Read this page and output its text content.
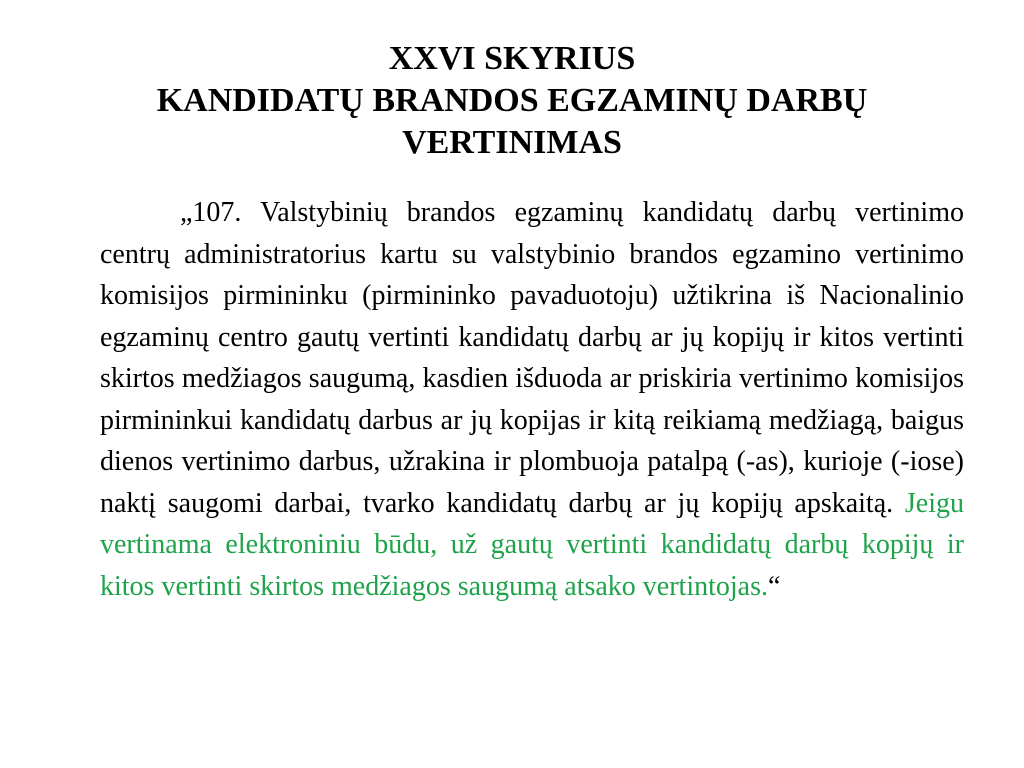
XXVI SKYRIUS
KANDIDATŲ BRANDOS EGZAMINŲ DARBŲ
VERTINIMAS

„107. Valstybinių brandos egzaminų kandidatų darbų vertinimo centrų administratorius kartu su valstybinio brandos egzamino vertinimo komisijos pirmininku (pirmininko pavaduotoju) užtikrina iš Nacionalinio egzaminų centro gautų vertinti kandidatų darbų ar jų kopijų ir kitos vertinti skirtos medžiagos saugumą, kasdien išduoda ar priskiria vertinimo komisijos pirmininkui kandidatų darbus ar jų kopijas ir kitą reikiamą medžiagą, baigus dienos vertinimo darbus, užrakina ir plombuoja patalpą (-as), kurioje (-iose) naktį saugomi darbai, tvarko kandidatų darbų ar jų kopijų apskaitą. Jeigu vertinama elektroniniu būdu, už gautų vertinti kandidatų darbų kopijų ir kitos vertinti skirtos medžiagos saugumą atsako vertintojas.“
